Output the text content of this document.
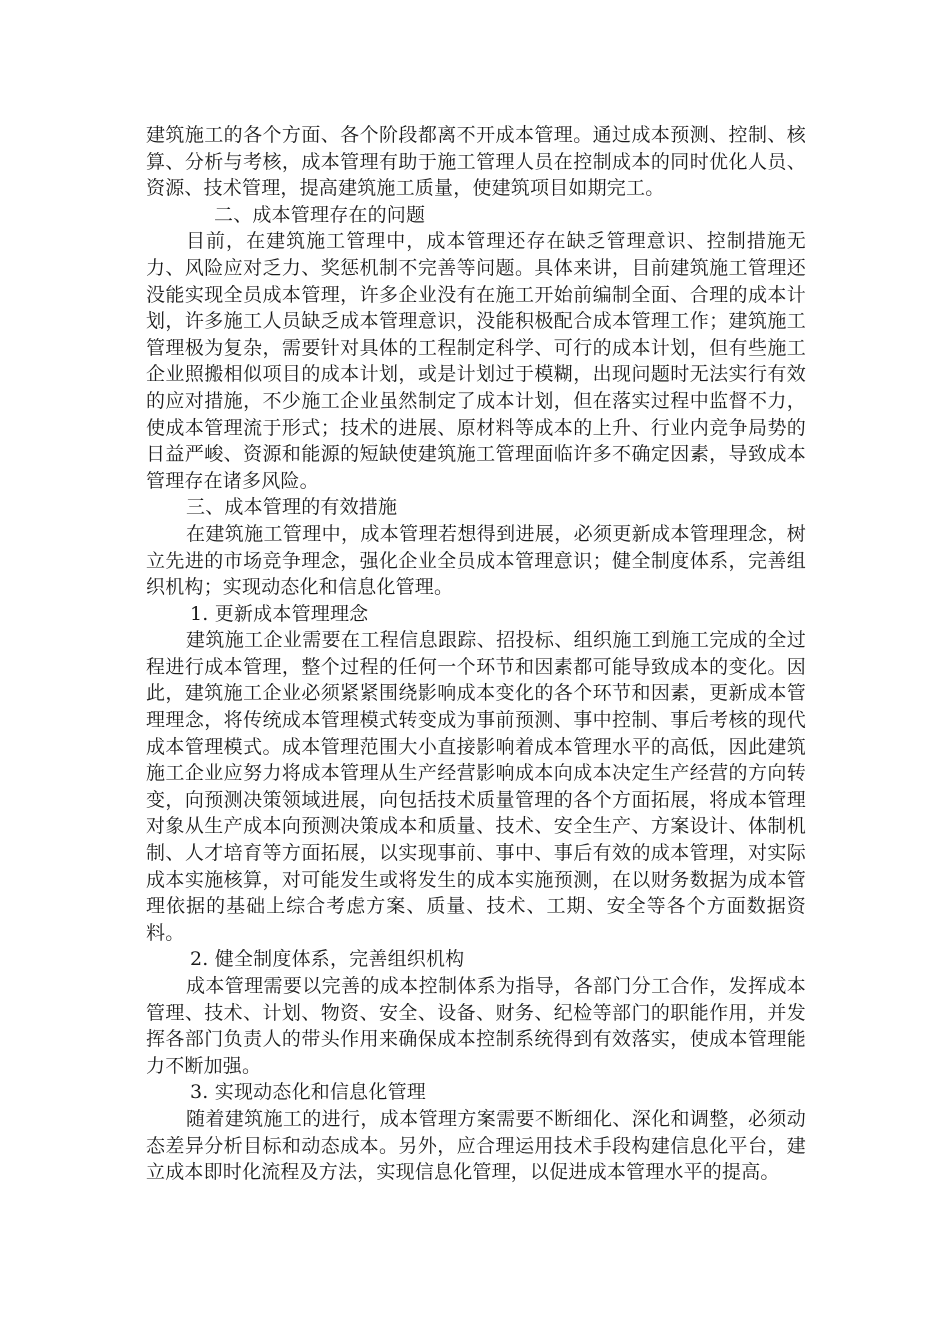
建筑施工的各个方面、各个阶段都离不开成本管理。通过成本预测、控制、核算、分析与考核，成本管理有助于施工管理人员在控制成本的同时优化人员、资源、技术管理，提高建筑施工质量，使建筑项目如期完工。

二、成本管理存在的问题

目前，在建筑施工管理中，成本管理还存在缺乏管理意识、控制措施无力、风险应对乏力、奖惩机制不完善等问题。具体来讲，目前建筑施工管理还没能实现全员成本管理，许多企业没有在施工开始前编制全面、合理的成本计划，许多施工人员缺乏成本管理意识，没能积极配合成本管理工作；建筑施工管理极为复杂，需要针对具体的工程制定科学、可行的成本计划，但有些施工企业照搬相似项目的成本计划，或是计划过于模糊，出现问题时无法实行有效的应对措施，不少施工企业虽然制定了成本计划，但在落实过程中监督不力，使成本管理流于形式；技术的进展、原材料等成本的上升、行业内竞争局势的日益严峻、资源和能源的短缺使建筑施工管理面临许多不确定因素，导致成本管理存在诸多风险。

三、成本管理的有效措施

在建筑施工管理中，成本管理若想得到进展，必须更新成本管理理念，树立先进的市场竞争理念，强化企业全员成本管理意识；健全制度体系，完善组织机构；实现动态化和信息化管理。

1. 更新成本管理理念

建筑施工企业需要在工程信息跟踪、招投标、组织施工到施工完成的全过程进行成本管理，整个过程的任何一个环节和因素都可能导致成本的变化。因此，建筑施工企业必须紧紧围绕影响成本变化的各个环节和因素，更新成本管理理念，将传统成本管理模式转变成为事前预测、事中控制、事后考核的现代成本管理模式。成本管理范围大小直接影响着成本管理水平的高低，因此建筑施工企业应努力将成本管理从生产经营影响成本向成本决定生产经营的方向转变，向预测决策领域进展，向包括技术质量管理的各个方面拓展，将成本管理对象从生产成本向预测决策成本和质量、技术、安全生产、方案设计、体制机制、人才培育等方面拓展，以实现事前、事中、事后有效的成本管理，对实际成本实施核算，对可能发生或将发生的成本实施预测，在以财务数据为成本管理依据的基础上综合考虑方案、质量、技术、工期、安全等各个方面数据资料。

2. 健全制度体系，完善组织机构

成本管理需要以完善的成本控制体系为指导，各部门分工合作，发挥成本管理、技术、计划、物资、安全、设备、财务、纪检等部门的职能作用，并发挥各部门负责人的带头作用来确保成本控制系统得到有效落实，使成本管理能力不断加强。

3. 实现动态化和信息化管理

随着建筑施工的进行，成本管理方案需要不断细化、深化和调整，必须动态差异分析目标和动态成本。另外，应合理运用技术手段构建信息化平台，建立成本即时化流程及方法，实现信息化管理，以促进成本管理水平的提高。
